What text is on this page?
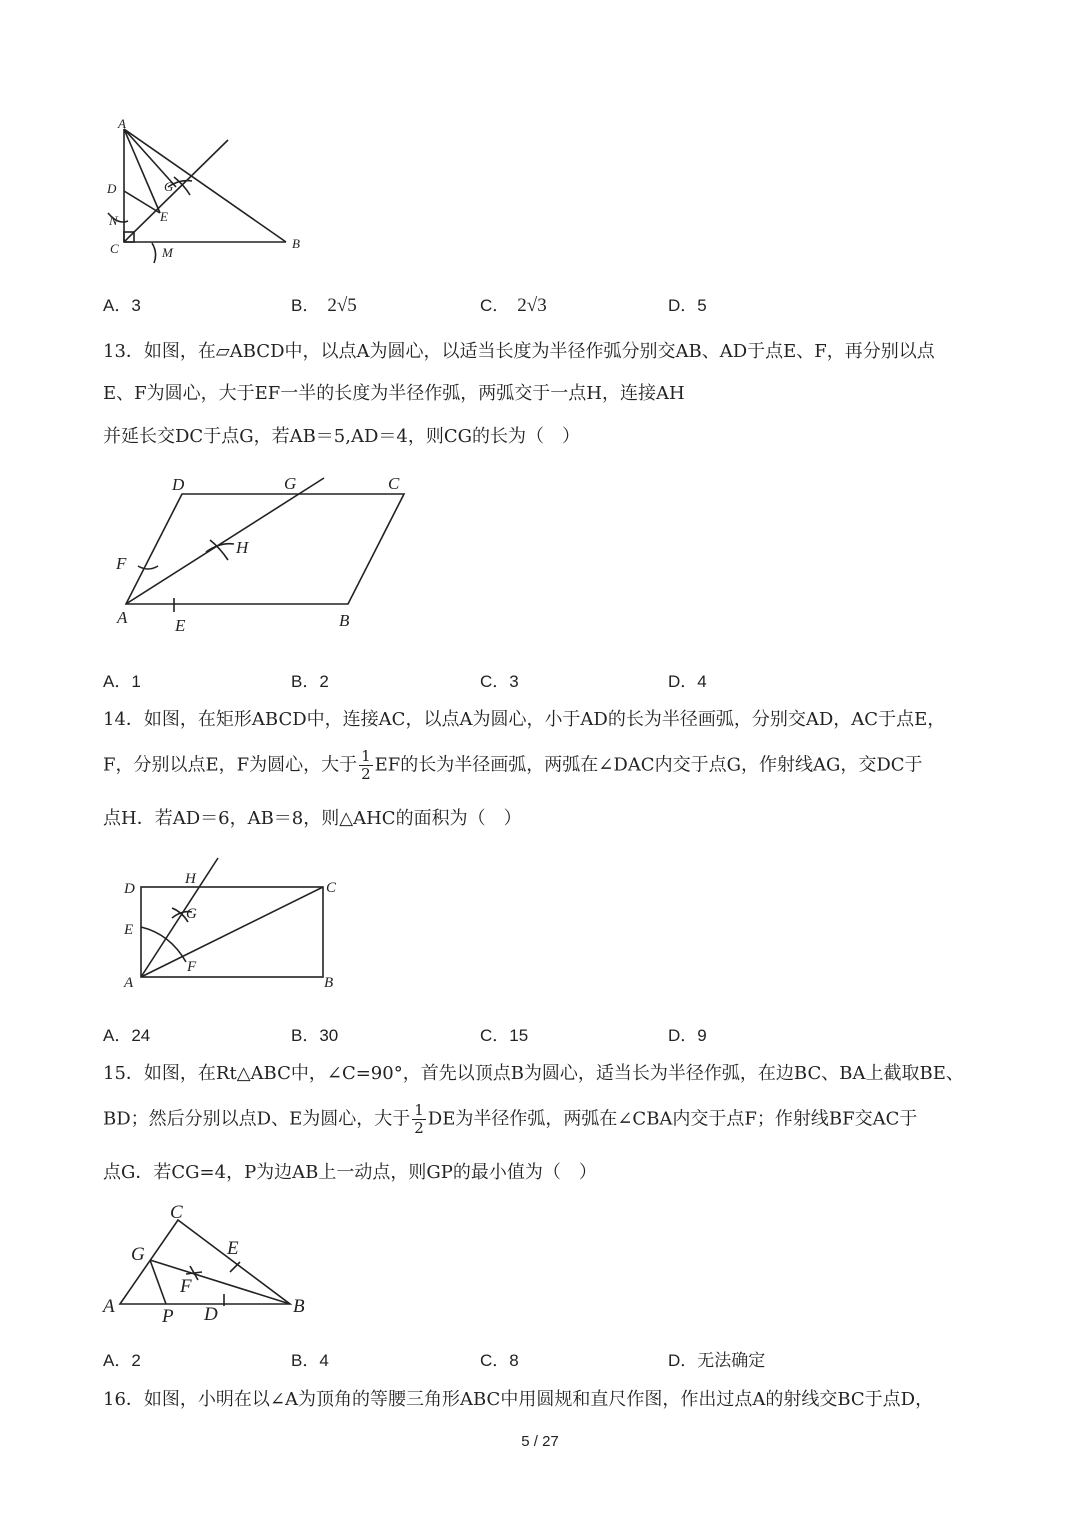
A
D
N
C
G
E
M
B
A．3	B． 2√5	C． 2√3	D．5
13．如图，在▱ABCD中，以点A为圆心，以适当长度为半径作弧分别交AB、AD于点E、F，再分别以点
E、F为圆心，大于EF一半的长度为半径作弧，两弧交于一点H，连接AH
并延长交DC于点G，若AB＝5,AD＝4，则CG的长为（　）
D	G	C
F
H
A	E	B
A．1	B．2	C．3	D．4
14．如图，在矩形ABCD中，连接AC，以点A为圆心，小于AD的长为半径画弧，分别交AD，AC于点E，
F，分别以点E，F为圆心，大于 $\frac{1}{2}$ EF的长为半径画弧，两弧在∠DAC内交于点G，作射线AG，交DC于
点H．若AD＝6，AB＝8，则△AHC的面积为（　）
D
H
C
G
E
F
A	B
A．24	B．30	C．15	D．9
15．如图，在Rt△ABC中，∠C=90°，首先以顶点B为圆心，适当长为半径作弧，在边BC、BA上截取BE、
BD；然后分别以点D、E为圆心，大于 $\frac{1}{2}$ DE为半径作弧，两弧在∠CBA内交于点F；作射线BF交AC于
点G．若CG=4，P为边AB上一动点，则GP的最小值为（　）
C
G	E
F
A P D	B
A．2	B．4	C．8	D．无法确定
16．如图，小明在以∠A为顶角的等腰三角形ABC中用圆规和直尺作图，作出过点A的射线交BC于点D，
5 / 27
